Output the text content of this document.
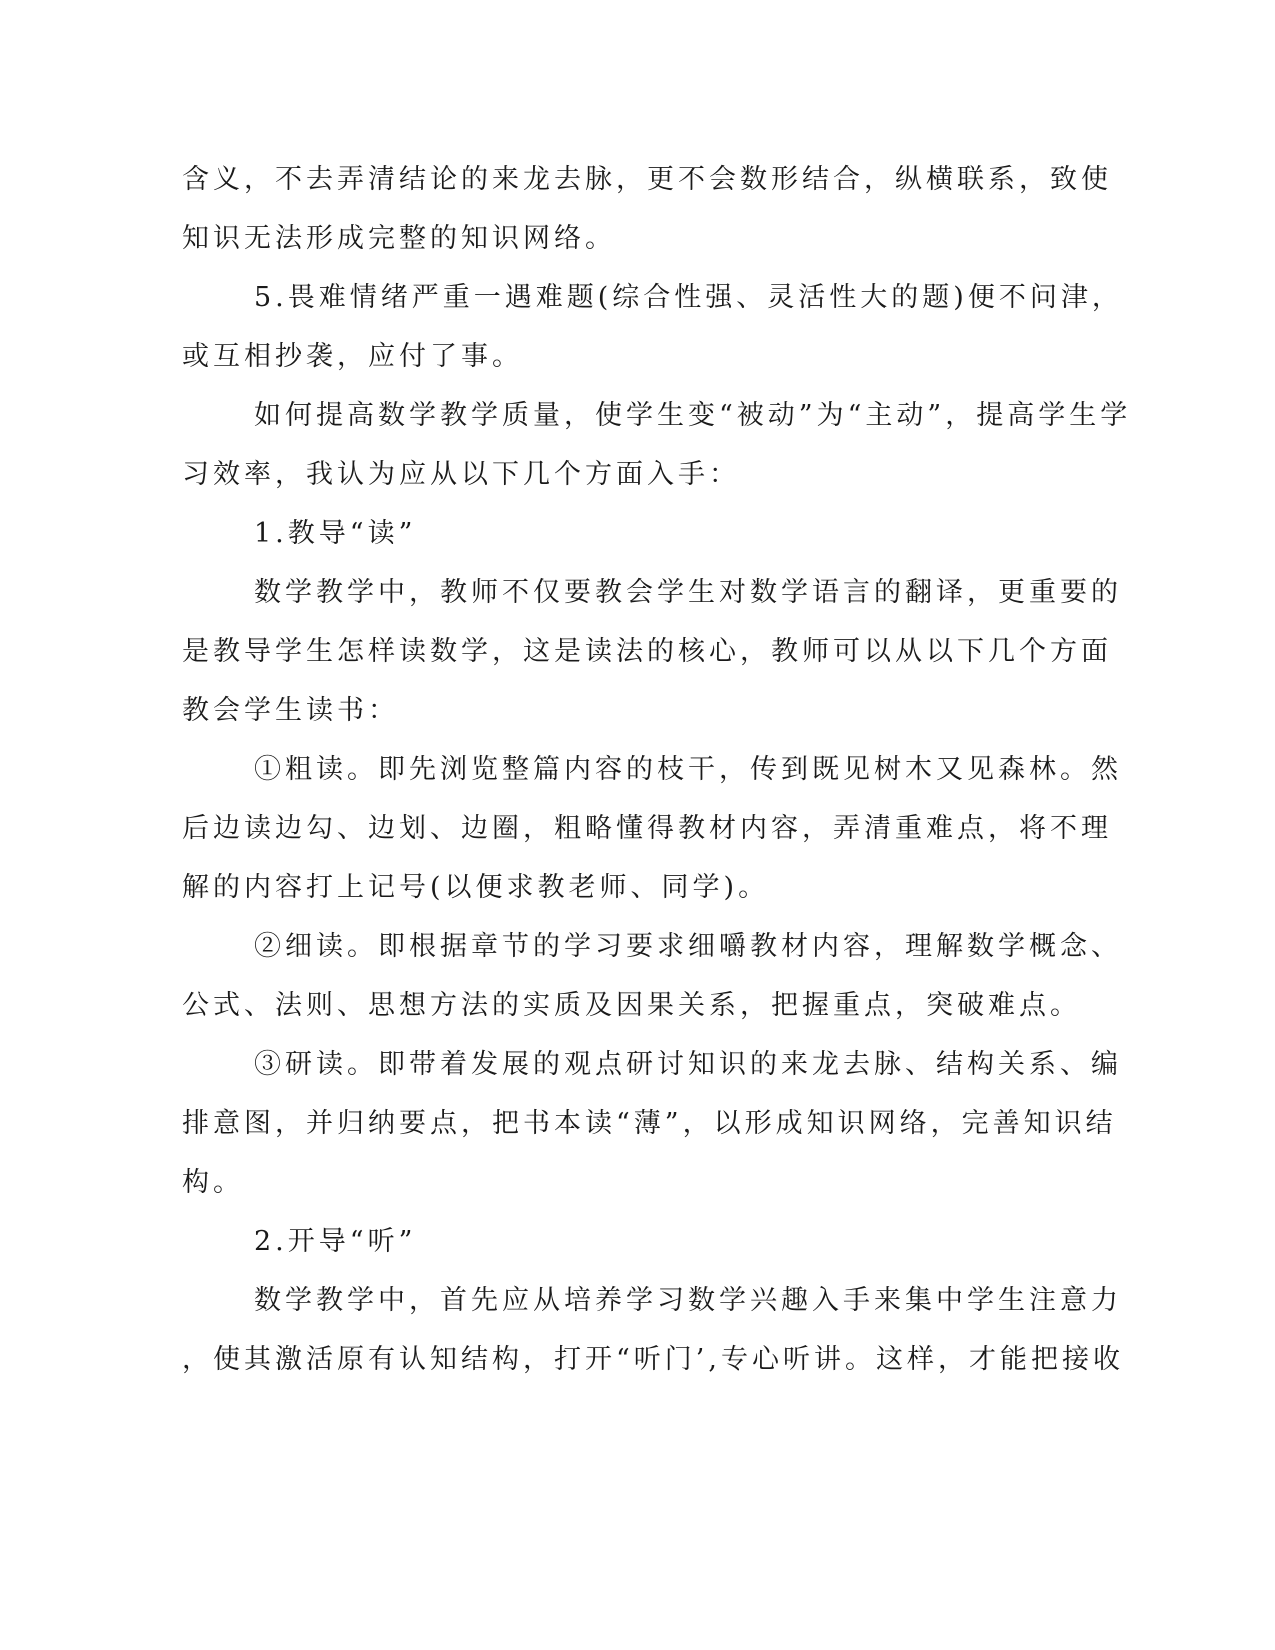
含义，不去弄清结论的来龙去脉，更不会数形结合，纵横联系，致使
知识无法形成完整的知识网络。
5.畏难情绪严重一遇难题(综合性强、灵活性大的题)便不问津，
或互相抄袭，应付了事。
如何提高数学教学质量，使学生变“被动”为“主动”，提高学生学
习效率，我认为应从以下几个方面入手：
1.教导“读”
数学教学中，教师不仅要教会学生对数学语言的翻译，更重要的
是教导学生怎样读数学，这是读法的核心，教师可以从以下几个方面
教会学生读书：
①粗读。即先浏览整篇内容的枝干，传到既见树木又见森林。然
后边读边勾、边划、边圈，粗略懂得教材内容，弄清重难点，将不理
解的内容打上记号(以便求教老师、同学)。
②细读。即根据章节的学习要求细嚼教材内容，理解数学概念、
公式、法则、思想方法的实质及因果关系，把握重点，突破难点。
③研读。即带着发展的观点研讨知识的来龙去脉、结构关系、编
排意图，并归纳要点，把书本读“薄”，以形成知识网络，完善知识结
构。
2.开导“听”
数学教学中，首先应从培养学习数学兴趣入手来集中学生注意力
，使其激活原有认知结构，打开“听门’,专心听讲。这样，才能把接收
